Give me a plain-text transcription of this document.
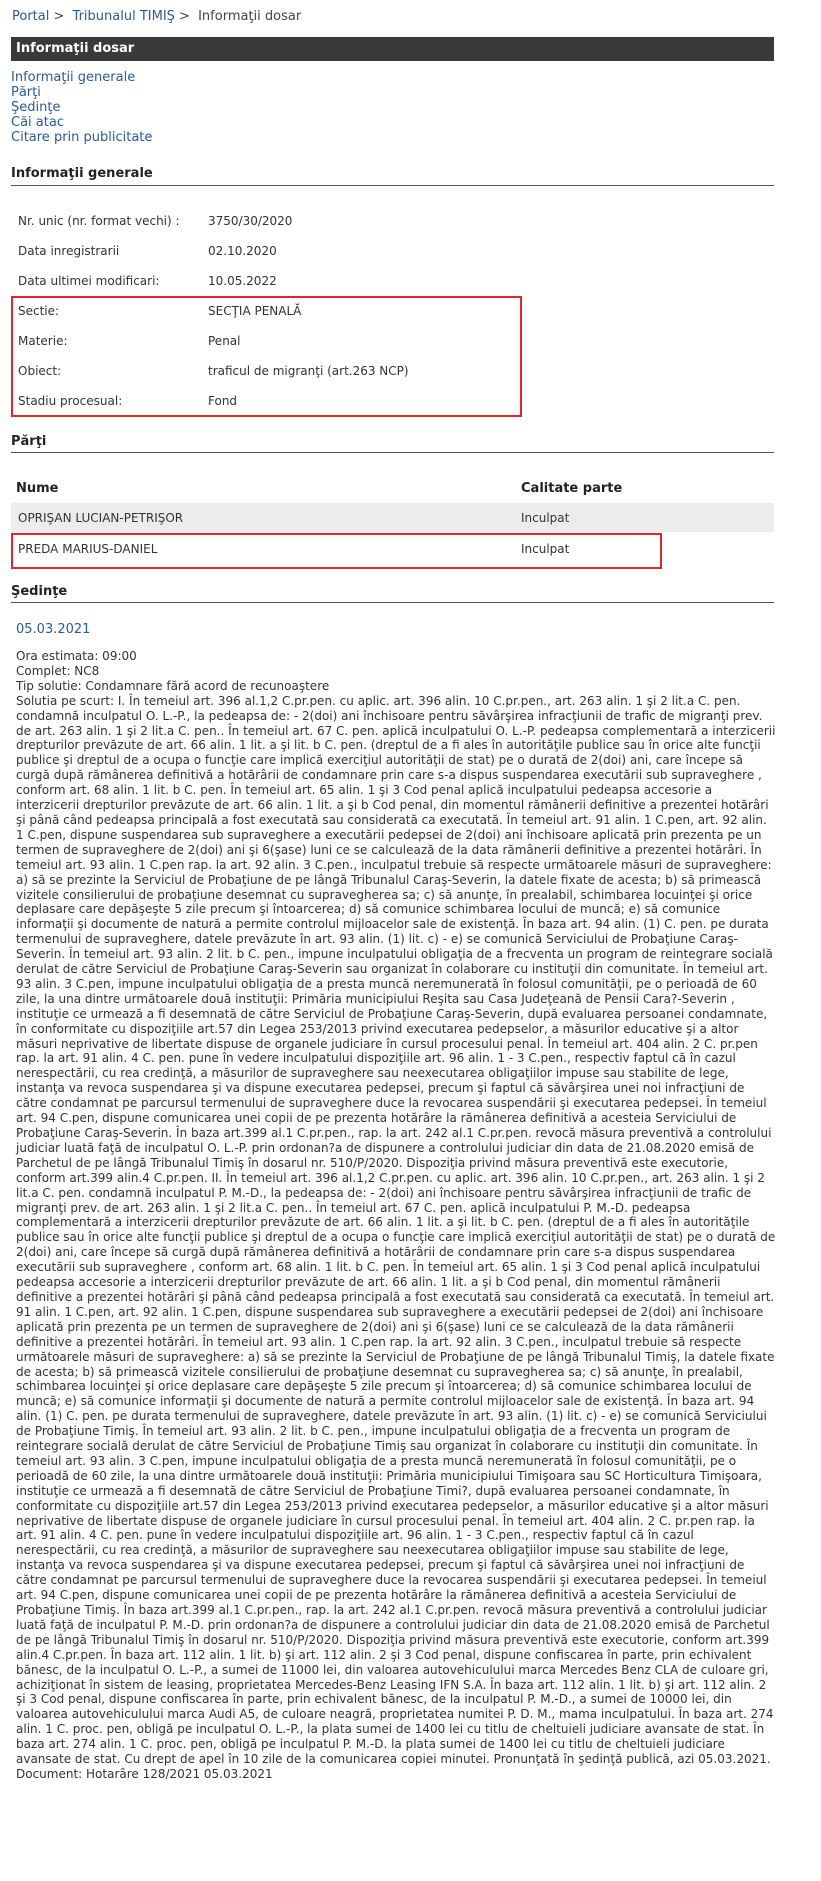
Portal > Tribunalul TIMIŞ > Informaţii dosar
Informaţii dosar
Informaţii generale
Părţi
Şedinţe
Căi atac
Citare prin publicitate
Informaţii generale
Nr. unic (nr. format vechi) :	3750/30/2020
Data inregistrarii	02.10.2020
Data ultimei modificari:	10.05.2022
Sectie:	SECŢIA PENALĂ
Materie:	Penal
Obiect:	traficul de migranţi (art.263 NCP)
Stadiu procesual:	Fond
Părţi
Nume	Calitate parte
OPRIŞAN LUCIAN-PETRIŞOR	Inculpat
PREDA MARIUS-DANIEL	Inculpat
Şedinţe
05.03.2021
Ora estimata: 09:00
Complet: NC8
Tip solutie: Condamnare fără acord de recunoaştere
Solutia pe scurt: I. În temeiul art. 396 al.1,2 C.pr.pen. cu aplic. art. 396 alin. 10 C.pr.pen., art. 263 alin. 1 şi 2 lit.a C. pen. condamnă inculpatul O. L.-P., la pedeapsa de: - 2(doi) ani închisoare pentru săvârşirea infracţiunii de trafic de migranţi prev. de art. 263 alin. 1 şi 2 lit.a C. pen.. În temeiul art. 67 C. pen. aplică inculpatului O. L.-P. pedeapsa complementară a interzicerii drepturilor prevăzute de art. 66 alin. 1 lit. a şi lit. b C. pen. (dreptul de a fi ales în autorităţile publice sau în orice alte funcţii publice şi dreptul de a ocupa o funcţie care implică exerciţiul autorităţii de stat) pe o durată de 2(doi) ani, care începe să curgă după rămânerea definitivă a hotărârii de condamnare prin care s-a dispus suspendarea executării sub supraveghere , conform art. 68 alin. 1 lit. b C. pen. În temeiul art. 65 alin. 1 şi 3 Cod penal aplică inculpatului pedeapsa accesorie a interzicerii drepturilor prevăzute de art. 66 alin. 1 lit. a şi b Cod penal, din momentul rămânerii definitive a prezentei hotărâri şi până când pedeapsa principală a fost executată sau considerată ca executată. În temeiul art. 91 alin. 1 C.pen, art. 92 alin. 1 C.pen, dispune suspendarea sub supraveghere a executării pedepsei de 2(doi) ani închisoare aplicată prin prezenta pe un termen de supraveghere de 2(doi) ani şi 6(şase) luni ce se calculează de la data rămânerii definitive a prezentei hotărâri. În temeiul art. 93 alin. 1 C.pen rap. la art. 92 alin. 3 C.pen., inculpatul trebuie să respecte următoarele măsuri de supraveghere: a) să se prezinte la Serviciul de Probaţiune de pe lângă Tribunalul Caraş-Severin, la datele fixate de acesta; b) să primească vizitele consilierului de probaţiune desemnat cu supravegherea sa; c) să anunţe, în prealabil, schimbarea locuinţei şi orice deplasare care depăşeşte 5 zile precum şi întoarcerea; d) să comunice schimbarea locului de muncă; e) să comunice informaţii şi documente de natură a permite controlul mijloacelor sale de existenţă. În baza art. 94 alin. (1) C. pen. pe durata termenului de supraveghere, datele prevăzute în art. 93 alin. (1) lit. c) - e) se comunică Serviciului de Probaţiune Caraş-Severin. În temeiul art. 93 alin. 2 lit. b C. pen., impune inculpatului obligaţia de a frecventa un program de reintegrare socială derulat de către Serviciul de Probaţiune Caraş-Severin sau organizat în colaborare cu instituţii din comunitate. În temeiul art. 93 alin. 3 C.pen, impune inculpatului obligaţia de a presta muncă neremunerată în folosul comunităţii, pe o perioadă de 60 zile, la una dintre următoarele două instituţii: Primăria municipiului Reşita sau Casa Judeţeană de Pensii Cara?-Severin , instituţie ce urmează a fi desemnată de către Serviciul de Probaţiune Caraş-Severin, după evaluarea persoanei condamnate, în conformitate cu dispoziţiile art.57 din Legea 253/2013 privind executarea pedepselor, a măsurilor educative şi a altor măsuri neprivative de libertate dispuse de organele judiciare în cursul procesului penal. În temeiul art. 404 alin. 2 C. pr.pen rap. la art. 91 alin. 4 C. pen. pune în vedere inculpatului dispoziţiile art. 96 alin. 1 - 3 C.pen., respectiv faptul că în cazul nerespectării, cu rea credinţă, a măsurilor de supraveghere sau neexecutarea obligaţiilor impuse sau stabilite de lege, instanţa va revoca suspendarea şi va dispune executarea pedepsei, precum şi faptul că săvârşirea unei noi infracţiuni de către condamnat pe parcursul termenului de supraveghere duce la revocarea suspendării şi executarea pedepsei. În temeiul art. 94 C.pen, dispune comunicarea unei copii de pe prezenta hotărâre la rămânerea definitivă a acesteia Serviciului de Probaţiune Caraş-Severin. În baza art.399 al.1 C.pr.pen., rap. la art. 242 al.1 C.pr.pen. revocă măsura preventivă a controlului judiciar luată faţă de inculpatul O. L.-P. prin ordonan?a de dispunere a controlului judiciar din data de 21.08.2020 emisă de Parchetul de pe lângă Tribunalul Timiş în dosarul nr. 510/P/2020. Dispoziţia privind măsura preventivă este executorie, conform art.399 alin.4 C.pr.pen. II. În temeiul art. 396 al.1,2 C.pr.pen. cu aplic. art. 396 alin. 10 C.pr.pen., art. 263 alin. 1 şi 2 lit.a C. pen. condamnă inculpatul P. M.-D., la pedeapsa de: - 2(doi) ani închisoare pentru săvârşirea infracţiunii de trafic de migranţi prev. de art. 263 alin. 1 şi 2 lit.a C. pen.. În temeiul art. 67 C. pen. aplică inculpatului P. M.-D. pedeapsa complementară a interzicerii drepturilor prevăzute de art. 66 alin. 1 lit. a şi lit. b C. pen. (dreptul de a fi ales în autorităţile publice sau în orice alte funcţii publice şi dreptul de a ocupa o funcţie care implică exerciţiul autorităţii de stat) pe o durată de 2(doi) ani, care începe să curgă după rămânerea definitivă a hotărârii de condamnare prin care s-a dispus suspendarea executării sub supraveghere , conform art. 68 alin. 1 lit. b C. pen. În temeiul art. 65 alin. 1 şi 3 Cod penal aplică inculpatului pedeapsa accesorie a interzicerii drepturilor prevăzute de art. 66 alin. 1 lit. a şi b Cod penal, din momentul rămânerii definitive a prezentei hotărâri şi până când pedeapsa principală a fost executată sau considerată ca executată. În temeiul art. 91 alin. 1 C.pen, art. 92 alin. 1 C.pen, dispune suspendarea sub supraveghere a executării pedepsei de 2(doi) ani închisoare aplicată prin prezenta pe un termen de supraveghere de 2(doi) ani şi 6(şase) luni ce se calculează de la data rămânerii definitive a prezentei hotărâri. În temeiul art. 93 alin. 1 C.pen rap. la art. 92 alin. 3 C.pen., inculpatul trebuie să respecte următoarele măsuri de supraveghere: a) să se prezinte la Serviciul de Probaţiune de pe lângă Tribunalul Timiş, la datele fixate de acesta; b) să primească vizitele consilierului de probaţiune desemnat cu supravegherea sa; c) să anunţe, în prealabil, schimbarea locuinţei şi orice deplasare care depăşeşte 5 zile precum şi întoarcerea; d) să comunice schimbarea locului de muncă; e) să comunice informaţii şi documente de natură a permite controlul mijloacelor sale de existenţă. În baza art. 94 alin. (1) C. pen. pe durata termenului de supraveghere, datele prevăzute în art. 93 alin. (1) lit. c) - e) se comunică Serviciului de Probaţiune Timiş. În temeiul art. 93 alin. 2 lit. b C. pen., impune inculpatului obligaţia de a frecventa un program de reintegrare socială derulat de către Serviciul de Probaţiune Timiş sau organizat în colaborare cu instituţii din comunitate. În temeiul art. 93 alin. 3 C.pen, impune inculpatului obligaţia de a presta muncă neremunerată în folosul comunităţii, pe o perioadă de 60 zile, la una dintre următoarele două instituţii: Primăria municipiului Timişoara sau SC Horticultura Timişoara, instituţie ce urmează a fi desemnată de către Serviciul de Probaţiune Timi?, după evaluarea persoanei condamnate, în conformitate cu dispoziţiile art.57 din Legea 253/2013 privind executarea pedepselor, a măsurilor educative şi a altor măsuri neprivative de libertate dispuse de organele judiciare în cursul procesului penal. În temeiul art. 404 alin. 2 C. pr.pen rap. la art. 91 alin. 4 C. pen. pune în vedere inculpatului dispoziţiile art. 96 alin. 1 - 3 C.pen., respectiv faptul că în cazul nerespectării, cu rea credinţă, a măsurilor de supraveghere sau neexecutarea obligaţiilor impuse sau stabilite de lege, instanţa va revoca suspendarea şi va dispune executarea pedepsei, precum şi faptul că săvârşirea unei noi infracţiuni de către condamnat pe parcursul termenului de supraveghere duce la revocarea suspendării şi executarea pedepsei. În temeiul art. 94 C.pen, dispune comunicarea unei copii de pe prezenta hotărâre la rămânerea definitivă a acesteia Serviciului de Probaţiune Timiş. În baza art.399 al.1 C.pr.pen., rap. la art. 242 al.1 C.pr.pen. revocă măsura preventivă a controlului judiciar luată faţă de inculpatul P. M.-D. prin ordonan?a de dispunere a controlului judiciar din data de 21.08.2020 emisă de Parchetul de pe lângă Tribunalul Timiş în dosarul nr. 510/P/2020. Dispoziţia privind măsura preventivă este executorie, conform art.399 alin.4 C.pr.pen. În baza art. 112 alin. 1 lit. b) şi art. 112 alin. 2 şi 3 Cod penal, dispune confiscarea în parte, prin echivalent bănesc, de la inculpatul O. L.-P., a sumei de 11000 lei, din valoarea autovehiculului marca Mercedes Benz CLA de culoare gri, achiziţionat în sistem de leasing, proprietatea Mercedes-Benz Leasing IFN S.A. În baza art. 112 alin. 1 lit. b) şi art. 112 alin. 2 şi 3 Cod penal, dispune confiscarea în parte, prin echivalent bănesc, de la inculpatul P. M.-D., a sumei de 10000 lei, din valoarea autovehiculului marca Audi A5, de culoare neagră, proprietatea numitei P. D. M., mama inculpatului. În baza art. 274 alin. 1 C. proc. pen, obligă pe inculpatul O. L.-P., la plata sumei de 1400 lei cu titlu de cheltuieli judiciare avansate de stat. În baza art. 274 alin. 1 C. proc. pen, obligă pe inculpatul P. M.-D. la plata sumei de 1400 lei cu titlu de cheltuieli judiciare avansate de stat. Cu drept de apel în 10 zile de la comunicarea copiei minutei. Pronunţată în şedinţă publică, azi 05.03.2021.
Document: Hotarâre 128/2021 05.03.2021
